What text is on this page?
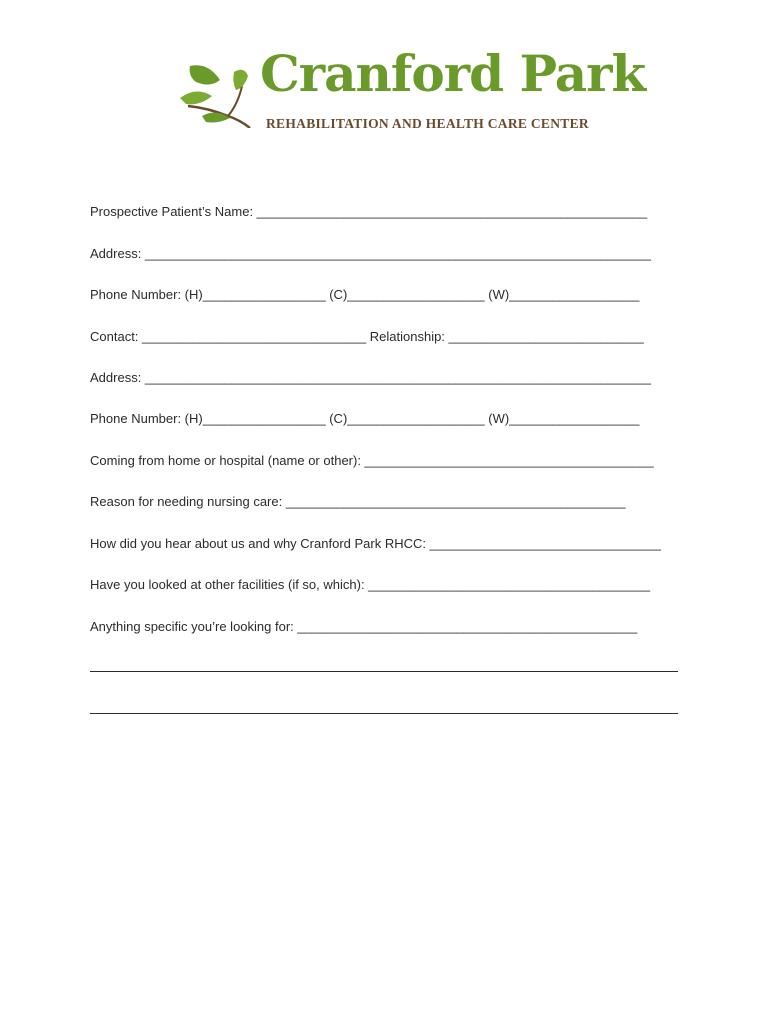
Cranford Park
REHABILITATION AND HEALTH CARE CENTER
Prospective Patient’s Name: ______________________________________________________
Address: ______________________________________________________________________
Phone Number: (H)_________________ (C)___________________ (W)__________________
Contact: _______________________________ Relationship: ___________________________
Address: ______________________________________________________________________
Phone Number: (H)_________________ (C)___________________ (W)__________________
Coming from home or hospital (name or other): ________________________________________
Reason for needing nursing care: _______________________________________________
How did you hear about us and why Cranford Park RHCC: ________________________________
Have you looked at other facilities (if so, which): _______________________________________
Anything specific you’re looking for: _______________________________________________
